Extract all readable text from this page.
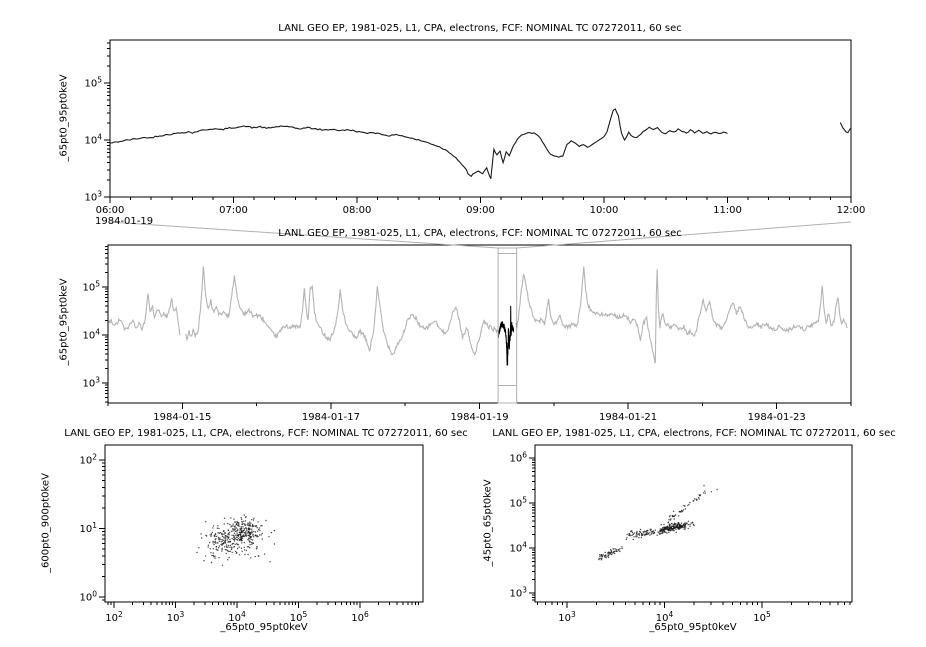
06:00	07:00	08:00	09:00	10:00	11:00	12:00
$10^3$
$10^4$
$10^5$
1984-01-15	1984-01-17	1984-01-19	1984-01-21	1984-01-23
$10^3$
$10^4$
$10^5$
$10^2$	$10^3$	$10^4$	$10^5$	$10^6$
$10^0$
$10^1$
$10^2$
$10^3$	$10^4$	$10^5$
$10^3$
$10^4$
$10^5$
$10^6$
LANL GEO EP, 1981-025, L1, CPA, electrons, FCF: NOMINAL TC 07272011, 60 sec
LANL GEO EP, 1981-025, L1, CPA, electrons, FCF: NOMINAL TC 07272011, 60 sec
LANL GEO EP, 1981-025, L1, CPA, electrons, FCF: NOMINAL TC 07272011, 60 sec LANL GEO EP, 1981-025, L1, CPA, electrons, FCF: NOMINAL TC 07272011, 60 sec
_65pt0_95pt0keV
_65pt0_95pt0keV
_600pt0_900pt0keV	_45pt0_65pt0keV
_65pt0_95pt0keV	_65pt0_95pt0keV
1984-01-19
